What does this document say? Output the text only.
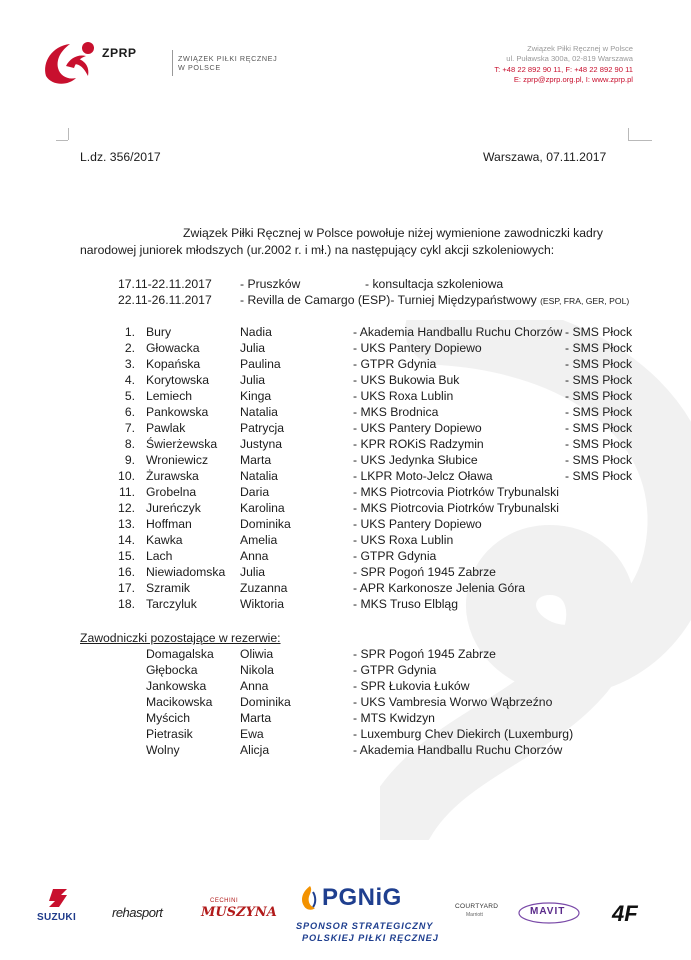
ZPRP	ZWIĄZEK PIŁKI RĘCZNEJ
W POLSCE
Związek Piłki Ręcznej w Polsce
ul. Puławska 300a, 02-819 Warszawa
T: +48 22 892 90 11, F: +48 22 892 90 11
E: zprp@zprp.org.pl, I: www.zprp.pl
L.dz. 356/2017	Warszawa, 07.11.2017
Związek Piłki Ręcznej w Polsce powołuje niżej wymienione zawodniczki kadry
narodowej juniorek młodszych (ur.2002 r. i mł.) na następujący cykl akcji szkoleniowych:
17.11-22.11.2017 - Pruszków	- konsultacja szkoleniowa
22.11-26.11.2017 - Revilla de Camargo (ESP)- Turniej Międzypaństwowy (ESP, FRA, GER, POL)
1. Bury	Nadia	- Akademia Handballu Ruchu Chorzów - SMS Płock
2. Głowacka	Julia	- UKS Pantery Dopiewo	- SMS Płock
3. Kopańska	Paulina	- GTPR Gdynia	- SMS Płock
4. Korytowska	Julia	- UKS Bukowia Buk	- SMS Płock
5. Lemiech	Kinga	- UKS Roxa Lublin	- SMS Płock
6. Pankowska	Natalia	- MKS Brodnica	- SMS Płock
7. Pawlak	Patrycja	- UKS Pantery Dopiewo	- SMS Płock
8. Świerżewska Justyna	- KPR ROKiS Radzymin	- SMS Płock
9. Wroniewicz	Marta	- UKS Jedynka Słubice	- SMS Płock
10. Żurawska	Natalia	- LKPR Moto-Jelcz Oława	- SMS Płock
11. Grobelna	Daria	- MKS Piotrcovia Piotrków Trybunalski
12. Jureńczyk	Karolina	- MKS Piotrcovia Piotrków Trybunalski
13. Hoffman	Dominika	- UKS Pantery Dopiewo
14. Kawka	Amelia	- UKS Roxa Lublin
15. Lach	Anna	- GTPR Gdynia
16. Niewiadomska Julia	- SPR Pogoń 1945 Zabrze
17. Szramik	Zuzanna	- APR Karkonosze Jelenia Góra
18. Tarczyluk	Wiktoria	- MKS Truso Elbląg
Zawodniczki pozostające w rezerwie:
Domagalska Oliwia	- SPR Pogoń 1945 Zabrze
Głębocka	Nikola	- GTPR Gdynia
Jankowska	Anna	- SPR Łukovia Łuków
Macikowska Dominika	- UKS Vambresia Worwo Wąbrzeźno
Myścich	Marta	- MTS Kwidzyn
Pietrasik	Ewa	- Luxemburg Chev Diekirch (Luxemburg)
Wolny	Alicja	- Akademia Handballu Ruchu Chorzów
SUZUKI	rehasport
CECHINI
MUSZYNA
PGNiG
SPONSOR STRATEGICZNY
POLSKIEJ PIŁKI RĘCZNEJ
COURTYARD
Marriott	MAVIT 4F
